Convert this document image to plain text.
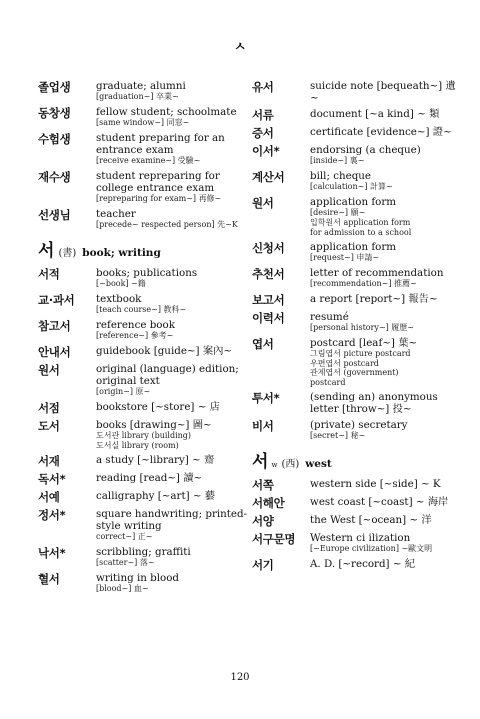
ㅅ
졸업생	graduate; alumni
[graduation~] 卒業~
동창생	fellow student; schoolmate
[same window~] 同窓~
수험생	student preparing for an entrance exam
[receive examine~] 受驗~
재수생	student repreparing for college entrance exam
[repreparing for exam~] 再修~
선생님	teacher
[precede~ respected person] 先~K
서 (書) book; writing
서적	books; publications
[~book] ~籍
교·과서	textbook
[teach course~] 教科~
참고서	reference book
[reference~] 參考~
안내서	guidebook [guide~] 案內~
원서	original (language) edition; original text
[origin~] 原~
서점	bookstore [~store] ~ 店
도서	books [drawing~] 圖~
도서관 library (building)
도서실 library (room)
서재	a study [~library] ~ 齋
독서*	reading [read~] 讀~
서예	calligraphy [~art] ~ 藝
정서*	square handwriting; printed-style writing
correct~] 正~
낙서*	scribbling; graffiti
[scatter~] 落~
혈서	writing in blood
[blood~] 血~
유서	suicide note [bequeath~] 遺~
서류	document [~a kind] ~ 類
증서	certificate [evidence~] 證~
이서*	endorsing (a cheque)
[inside~] 裏~
계산서	bill; cheque
[calculation~] 計算~
원서	application form
[desire~] 願~
입학원서 application form
for admission to a school
신청서	application form
[request~] 申請~
추천서	letter of recommendation
[recommendation~] 推薦~
보고서	a report [report~] 報告~
이력서	resumé
[personal history~] 履歷~
엽서	postcard [leaf~] 葉~
그림엽서 picture postcard
우편엽서 postcard
관제엽서 (government)
postcard
투서*	(sending an) anonymous letter [throw~] 投~
비서	(private) secretary
[secret~] 秘~
서 w (西) west
서쪽	western side [~side] ~ K
서해안	west coast [~coast] ~ 海岸
서양	the West [~ocean] ~ 洋
서구문명	Western ci ilization
[~Europe civilization] ~歐文明
서기	A. D. [~record] ~ 紀
120
